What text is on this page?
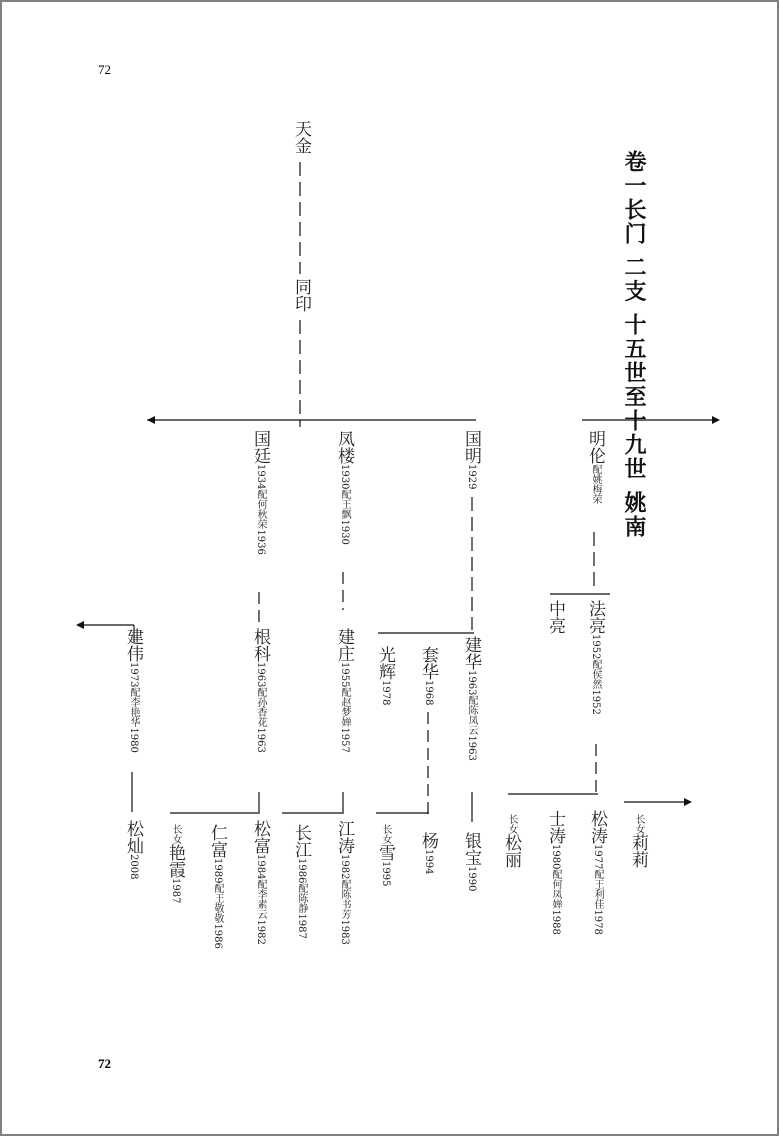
72
72
卷一长门 二支 十五世至十九世 姚南
天金
同印
国廷1934配何秋荣1936
凤楼1930配王飘1930
国明1929
明伦配姚梅荣
中亮 法亮1952配侯然1952
建伟1973配李艳华1980
根科1963配孙香花1963
建庄1955配赵梦婵1957 光辉1978
套华1968
建华1963配陈凤云1963
松灿2008
长女艳霞1987
仁富1989配王敬敬1986
松富1984配李素云1982
长江1986配陈静1987
江涛1982配陈书芳1983
长女雪1995
杨1994 银宝1990
长女松丽
士涛1980配何凤婵1988
松涛1977配王利佳1978
长女莉莉
